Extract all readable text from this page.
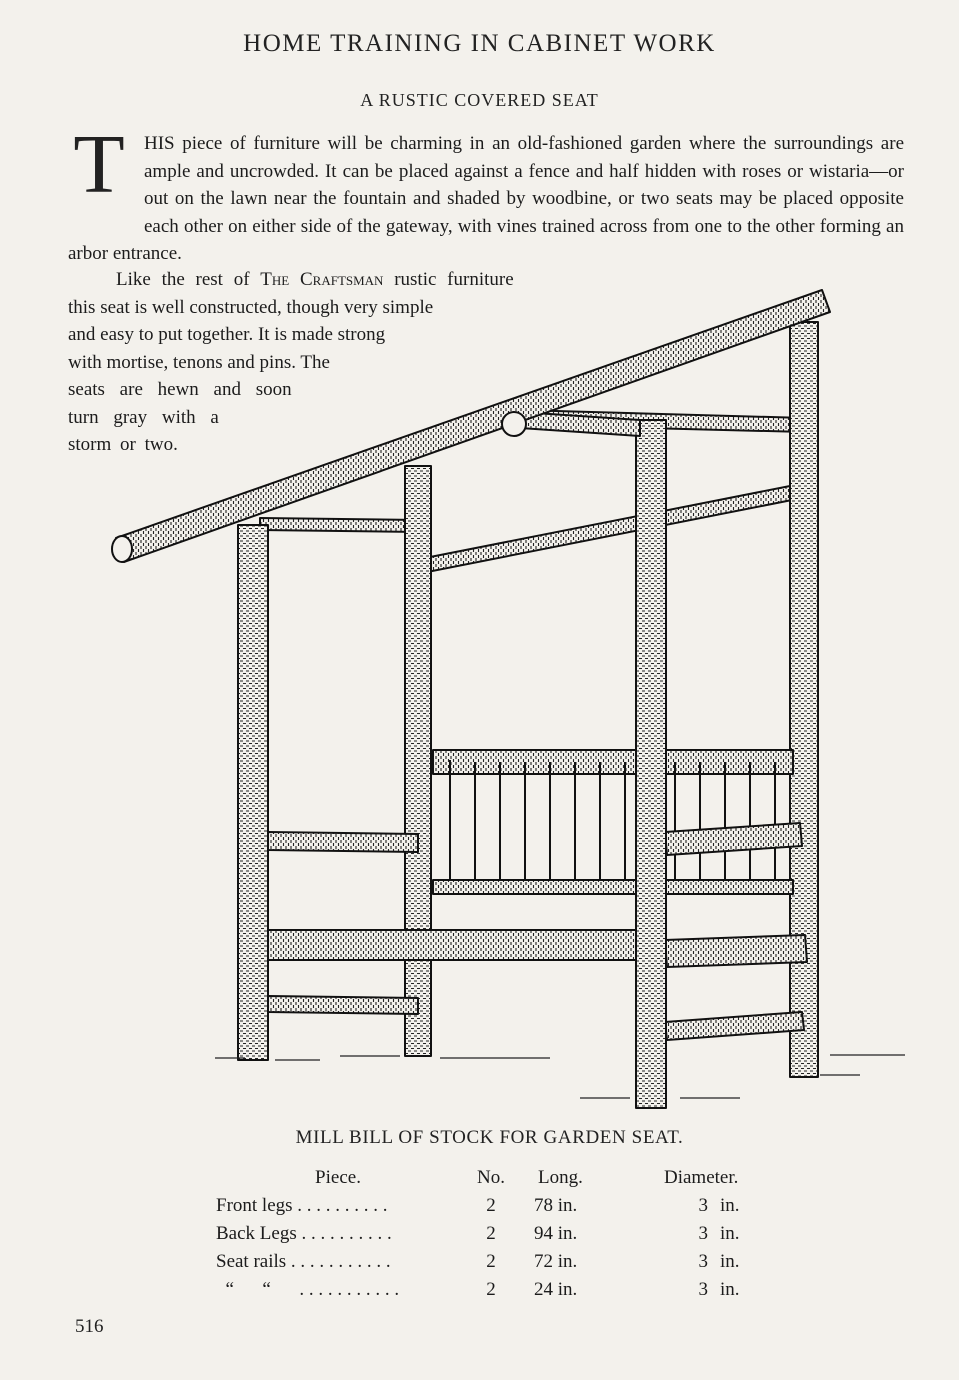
HOME TRAINING IN CABINET WORK
A RUSTIC COVERED SEAT
T	HIS piece of furniture will be charming in an old-fashioned garden where the surroundings are ample and uncrowded. It can be placed against a fence and half hidden with roses or wistaria—or out on the lawn near the fountain and shaded by woodbine, or two seats may be placed opposite each other on either side of the gateway, with vines trained across from one to the other forming an arbor entrance.
Like the rest of The Craftsman rustic furniture
this seat is well constructed, though very simple
and easy to put together. It is made strong
with mortise, tenons and pins. The
seats are hewn and soon
turn gray with a
storm or two.
MILL BILL OF STOCK FOR GARDEN SEAT.
Piece.	No.	Long.	Diameter.	
Front legs . . . . . . . . . .	2	78 in.	3	in.
Back Legs . . . . . . . . . .	2	94 in.	3	in.
Seat rails . . . . . . . . . . .	2	72 in.	3	in.
“      “      . . . . . . . . . . .	2	24 in.	3	in.
516
